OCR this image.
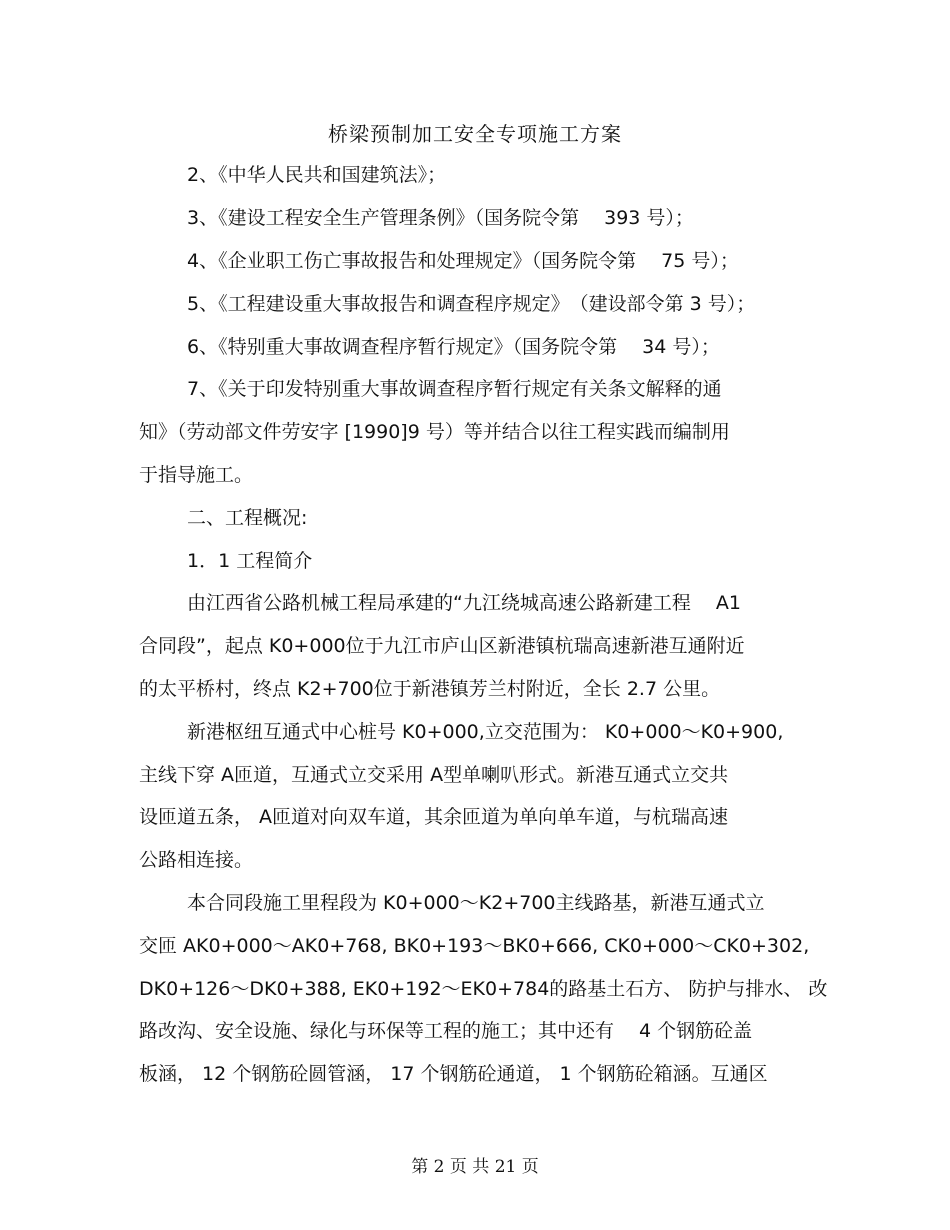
桥梁预制加工安全专项施工方案
2、《中华人民共和国建筑法》；
3、《建设工程安全生产管理条例》（国务院令第　 393 号）；
4、《企业职工伤亡事故报告和处理规定》（国务院令第　 75 号）；
5、《工程建设重大事故报告和调查程序规定》　（建设部令第 3 号）；
6、《特别重大事故调查程序暂行规定》（国务院令第　 34 号）；
7、《关于印发特别重大事故调查程序暂行规定有关条文解释的通
知》（劳动部文件劳安字 [1990]9 号）等并结合以往工程实践而编制用
于指导施工。
二、工程概况:
1．1 工程简介
由江西省公路机械工程局承建的“九江绕城高速公路新建工程　 A1
合同段”，起点 K0+000位于九江市庐山区新港镇杭瑞高速新港互通附近
的太平桥村，终点 K2+700位于新港镇芳兰村附近，全长 2.7 公里。
新港枢纽互通式中心桩号 K0+000,立交范围为： K0+000～K0+900,
主线下穿 A匝道，互通式立交采用 A型单喇叭形式。新港互通式立交共
设匝道五条， A匝道对向双车道，其余匝道为单向单车道，与杭瑞高速
公路相连接。
本合同段施工里程段为 K0+000～K2+700主线路基，新港互通式立
交匝 AK0+000～AK0+768, BK0+193～BK0+666, CK0+000～CK0+302,
DK0+126～DK0+388, EK0+192～EK0+784的路基土石方、 防护与排水、 改
路改沟、安全设施、绿化与环保等工程的施工；其中还有　 4 个钢筋砼盖
板涵， 12 个钢筋砼圆管涵， 17 个钢筋砼通道， 1 个钢筋砼箱涵。互通区
第 2 页 共 21 页
